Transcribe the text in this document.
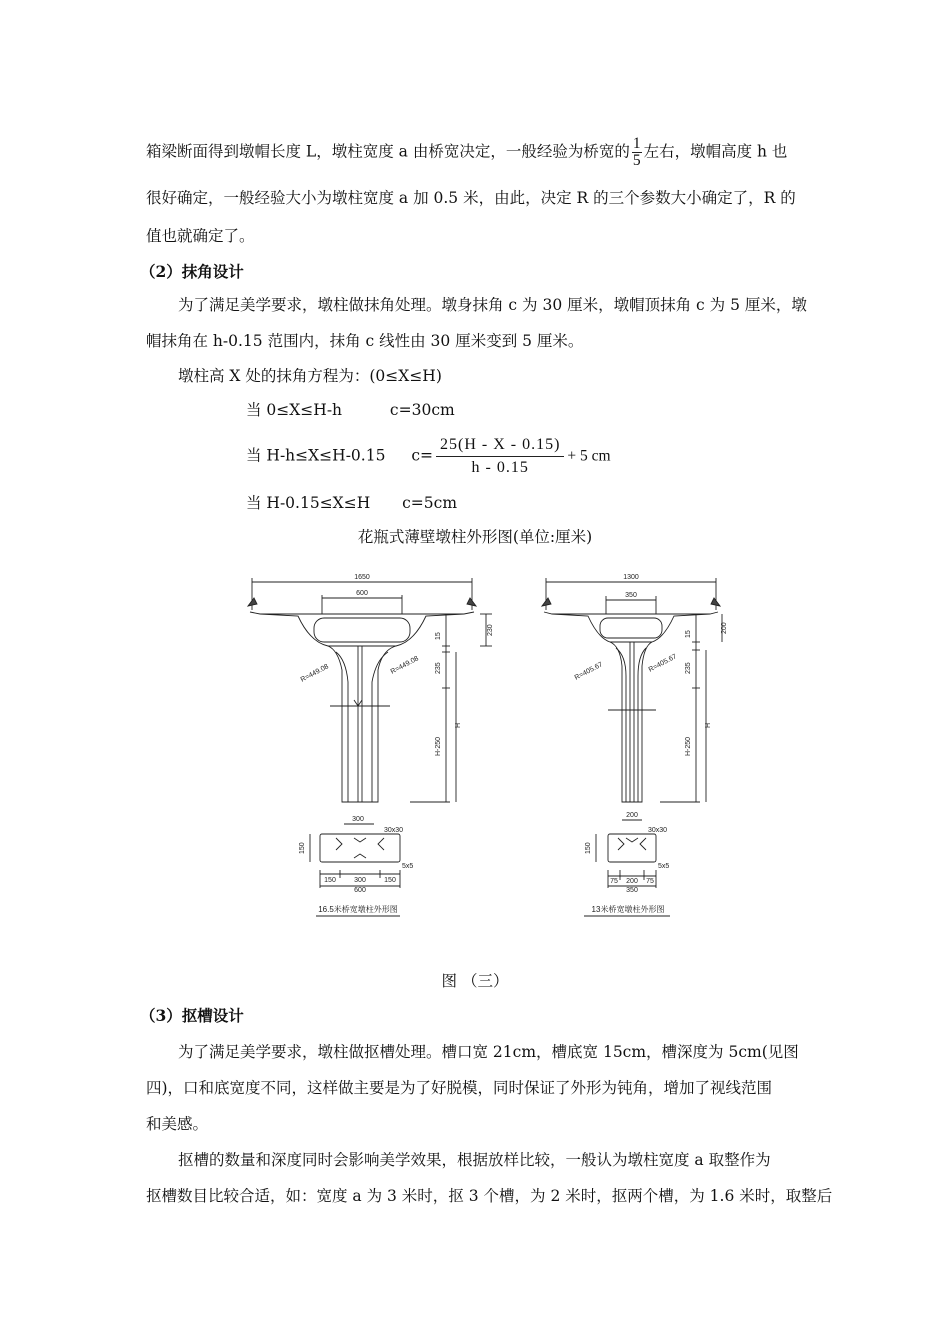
箱梁断面得到墩帽长度 L，墩柱宽度 a 由桥宽决定，一般经验为桥宽的 $\frac{1}{5}$ 左右，墩帽高度 h 也
很好确定，一般经验大小为墩柱宽度 a 加 0.5 米，由此，决定 R 的三个参数大小确定了，R 的
值也就确定了。
（2）抹角设计
为了满足美学要求，墩柱做抹角处理。墩身抹角 c 为 30 厘米，墩帽顶抹角 c 为 5 厘米，墩
帽抹角在 h-0.15 范围内，抹角 c 线性由 30 厘米变到 5 厘米。
墩柱高 X 处的抹角方程为：(0≤X≤H)
当 0≤X≤H-h	c=30cm
当 H-h≤X≤H-0.15 $c= \frac{25(H - X - 0.15)}{h - 0.15} + 5$ cm
当 H-0.15≤X≤H c=5cm
花瓶式薄壁墩柱外形图(单位:厘米)
1650
600
R=449.08	R=449.08
15
235
H-250
H
230
300
150
30x30
5x5
150	300	150
600
16.5米桥宽墩柱外形图
1300
350
R=405.67	R=405.67
15
235
H-250
H
200
200
150
30x30
5x5
75 200 75
350
13米桥宽墩柱外形图
图 （三）
（3）抠槽设计
为了满足美学要求，墩柱做抠槽处理。槽口宽 21cm，槽底宽 15cm，槽深度为 5cm(见图
四)，口和底宽度不同，这样做主要是为了好脱模，同时保证了外形为钝角，增加了视线范围
和美感。
抠槽的数量和深度同时会影响美学效果，根据放样比较，一般认为墩柱宽度 a 取整作为
抠槽数目比较合适，如：宽度 a 为 3 米时，抠 3 个槽，为 2 米时，抠两个槽，为 1.6 米时，取整后
